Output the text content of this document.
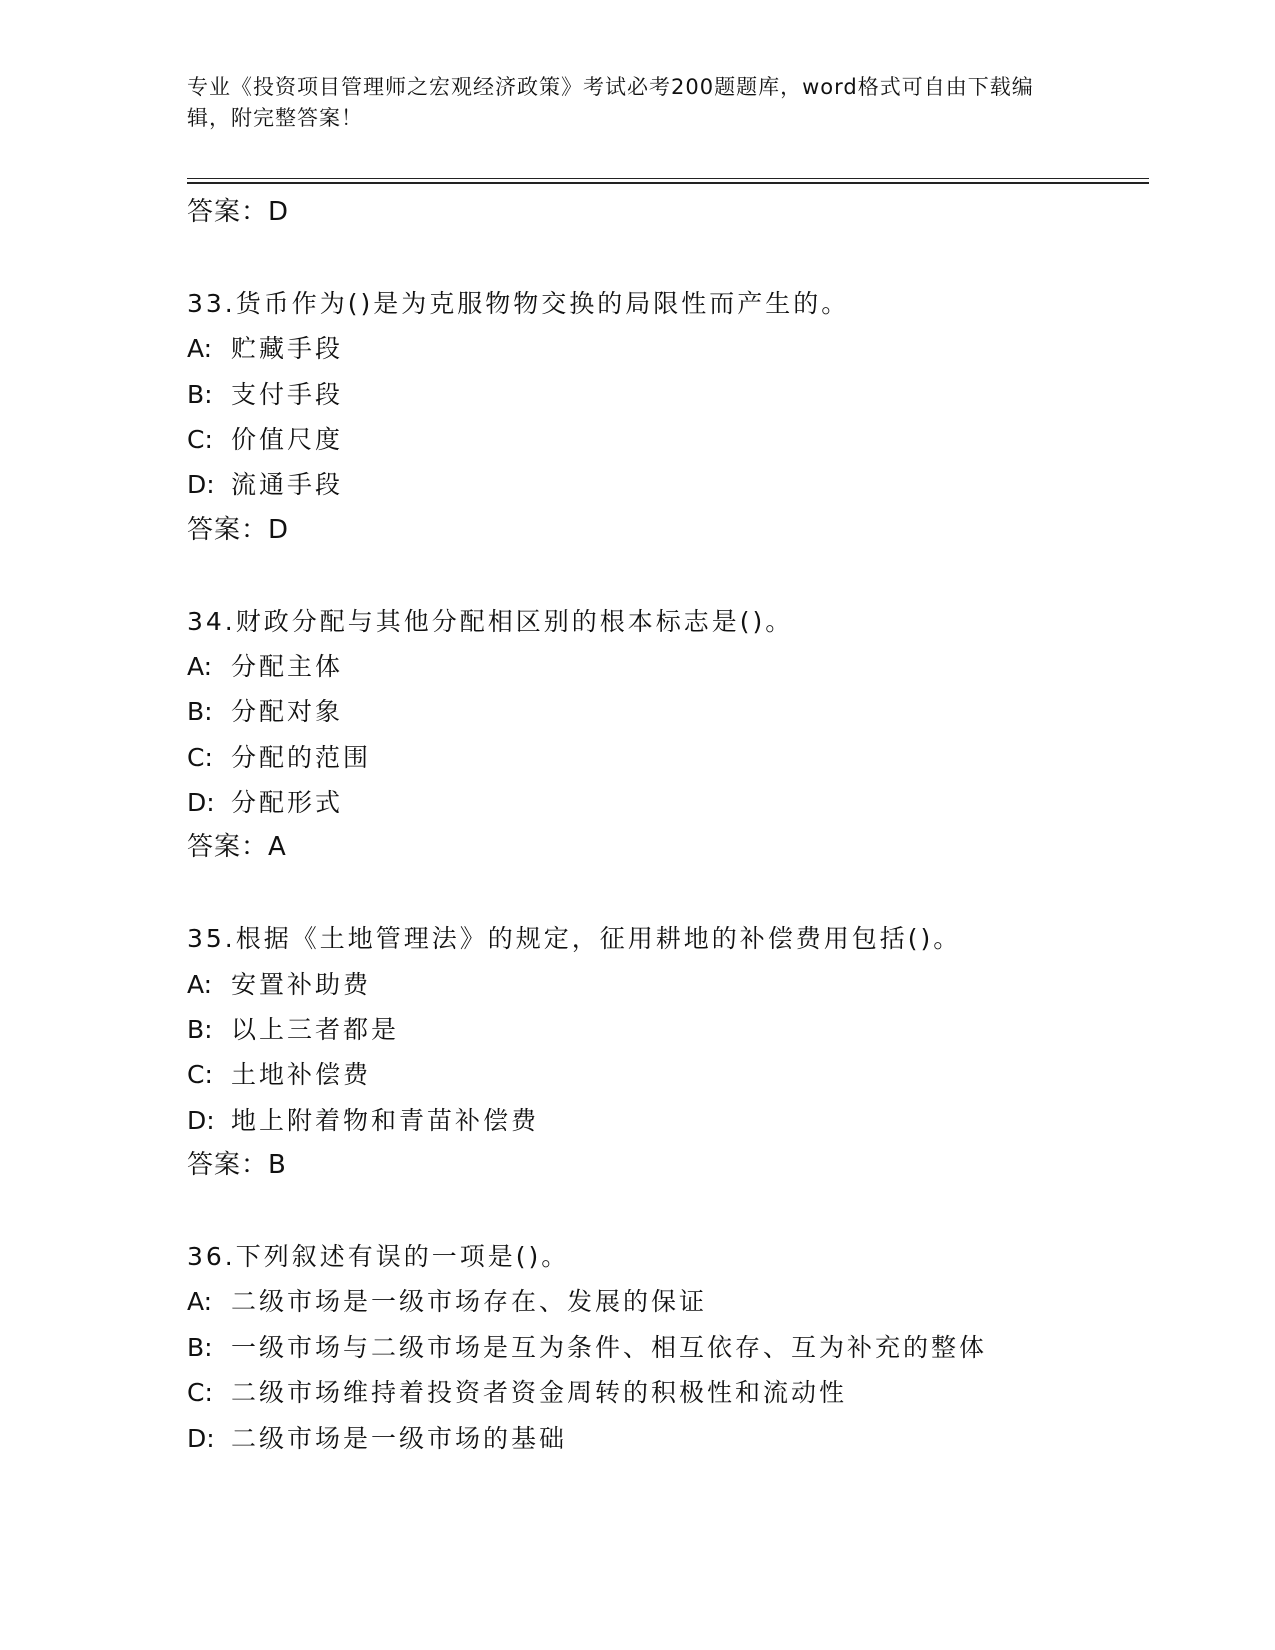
专业《投资项目管理师之宏观经济政策》考试必考200题题库，word格式可自由下载编辑，附完整答案！
答案：D
33.货币作为()是为克服物物交换的局限性而产生的。
A: 贮藏手段
B: 支付手段
C: 价值尺度
D: 流通手段
答案：D
34.财政分配与其他分配相区别的根本标志是()。
A: 分配主体
B: 分配对象
C: 分配的范围
D: 分配形式
答案：A
35.根据《土地管理法》的规定，征用耕地的补偿费用包括()。
A: 安置补助费
B: 以上三者都是
C: 土地补偿费
D: 地上附着物和青苗补偿费
答案：B
36.下列叙述有误的一项是()。
A: 二级市场是一级市场存在、发展的保证
B: 一级市场与二级市场是互为条件、相互依存、互为补充的整体
C: 二级市场维持着投资者资金周转的积极性和流动性
D: 二级市场是一级市场的基础
